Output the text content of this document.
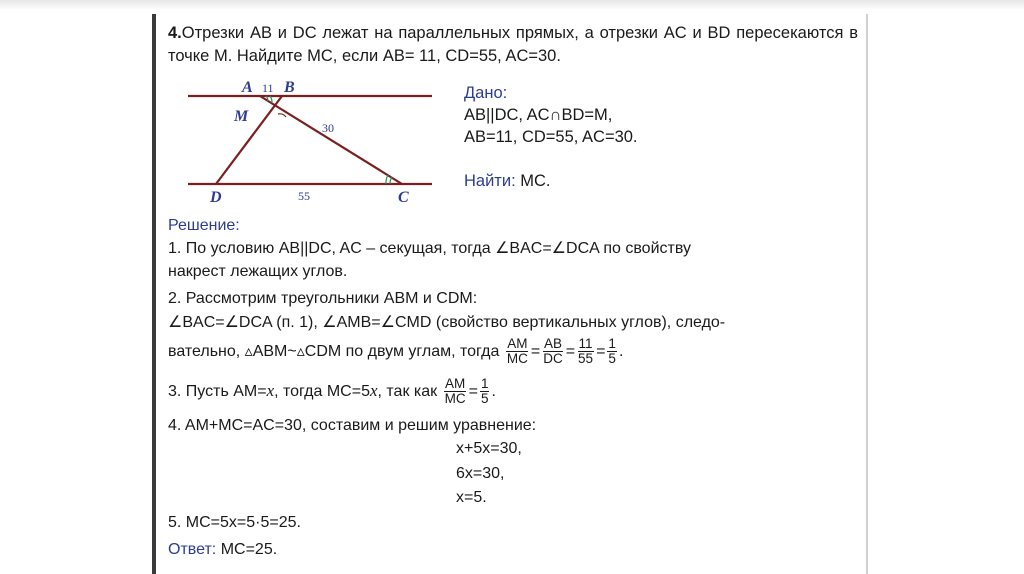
4.Отрезки AB и DC лежат на параллельных прямых, а отрезки AC и BD пересекаются в точке M. Найдите MC, если AB= 11, CD=55, AC=30.
A 11 B
M
30
D	55	C
Дано:
AB||DC, AC∩BD=M,
AB=11, CD=55, AC=30.
Найти: MC.
Решение:
1. По условию AB||DC, AC – секущая, тогда ∠BAC=∠DCA по свойству
накрест лежащих углов.
2. Рассмотрим треугольники ABM и CDM:
∠BAC=∠DCA (п. 1), ∠AMB=∠CMD (свойство вертикальных углов), следо-
вательно, ▵ABM~▵CDM по двум углам, тогда $\frac{AM}{MC} = \frac{AB}{DC} = \frac{11}{55} = \frac{1}{5}$ .
3. Пусть AM=x, тогда MC=5x, так как $\frac{AM}{MC} = \frac{1}{5}$ .
4. AM+MC=AC=30, составим и решим уравнение:
x+5x=30,
6x=30,
x=5.
5. MC=5x=5·5=25.
Ответ: MC=25.
